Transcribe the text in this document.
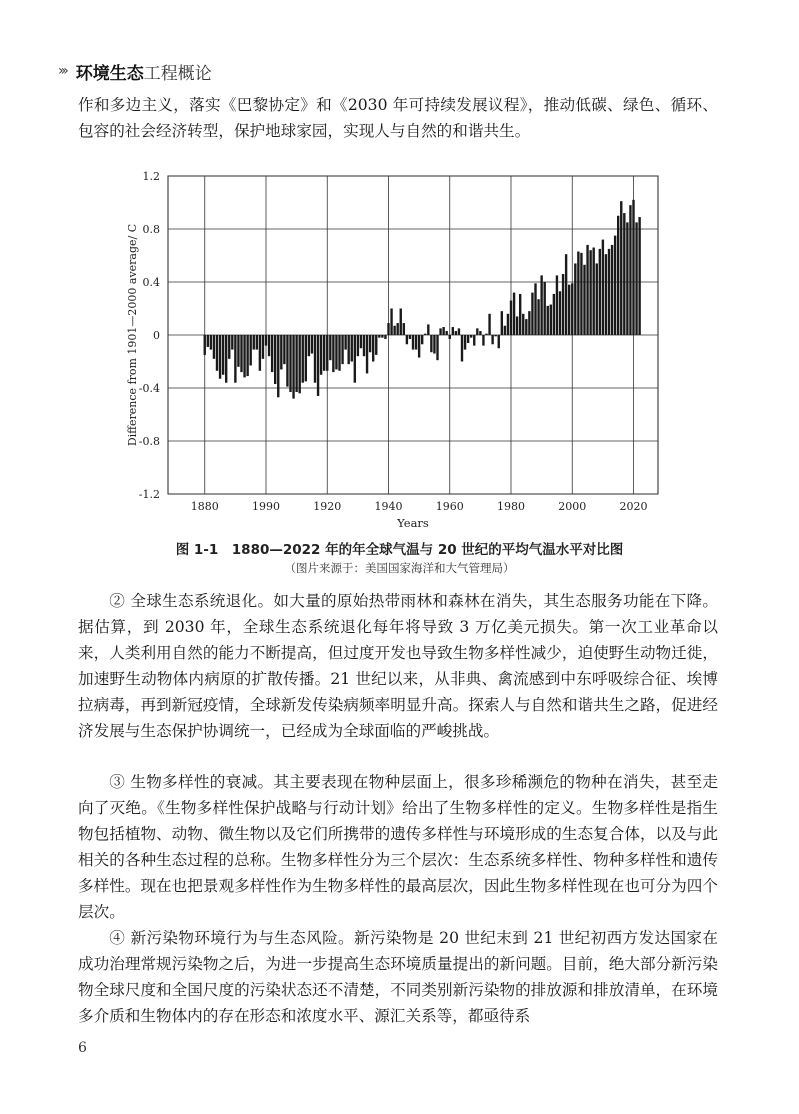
››› 环境生态 工程概论
作和多边主义，落实《巴黎协定》和《2030 年可持续发展议程》，推动低碳、绿色、循环、包容的社会经济转型，保护地球家园，实现人与自然的和谐共生。
1.2
0.8
0.4
0
-0.4
-0.8
-1.2
1880	1990	1920	1940	1960	1980	2000	2020
Years
Difference from 1901—2000 average/ C
图 1-1　1880—2022 年的年全球气温与 20 世纪的平均气温水平对比图
（图片来源于：美国国家海洋和大气管理局）
② 全球生态系统退化。如大量的原始热带雨林和森林在消失，其生态服务功能在下降。据估算，到 2030 年，全球生态系统退化每年将导致 3 万亿美元损失。第一次工业革命以来，人类利用自然的能力不断提高，但过度开发也导致生物多样性减少，迫使野生动物迁徙，加速野生动物体内病原的扩散传播。21 世纪以来，从非典、禽流感到中东呼吸综合征、埃博拉病毒，再到新冠疫情，全球新发传染病频率明显升高。探索人与自然和谐共生之路，促进经济发展与生态保护协调统一，已经成为全球面临的严峻挑战。
③ 生物多样性的衰减。其主要表现在物种层面上，很多珍稀濒危的物种在消失，甚至走向了灭绝。《生物多样性保护战略与行动计划》给出了生物多样性的定义。生物多样性是指生物包括植物、动物、微生物以及它们所携带的遗传多样性与环境形成的生态复合体，以及与此相关的各种生态过程的总称。生物多样性分为三个层次：生态系统多样性、物种多样性和遗传多样性。现在也把景观多样性作为生物多样性的最高层次，因此生物多样性现在也可分为四个层次。
④ 新污染物环境行为与生态风险。新污染物是 20 世纪末到 21 世纪初西方发达国家在成功治理常规污染物之后，为进一步提高生态环境质量提出的新问题。目前，绝大部分新污染物全球尺度和全国尺度的污染状态还不清楚，不同类别新污染物的排放源和排放清单，在环境多介质和生物体内的存在形态和浓度水平、源汇关系等，都亟待系
6
